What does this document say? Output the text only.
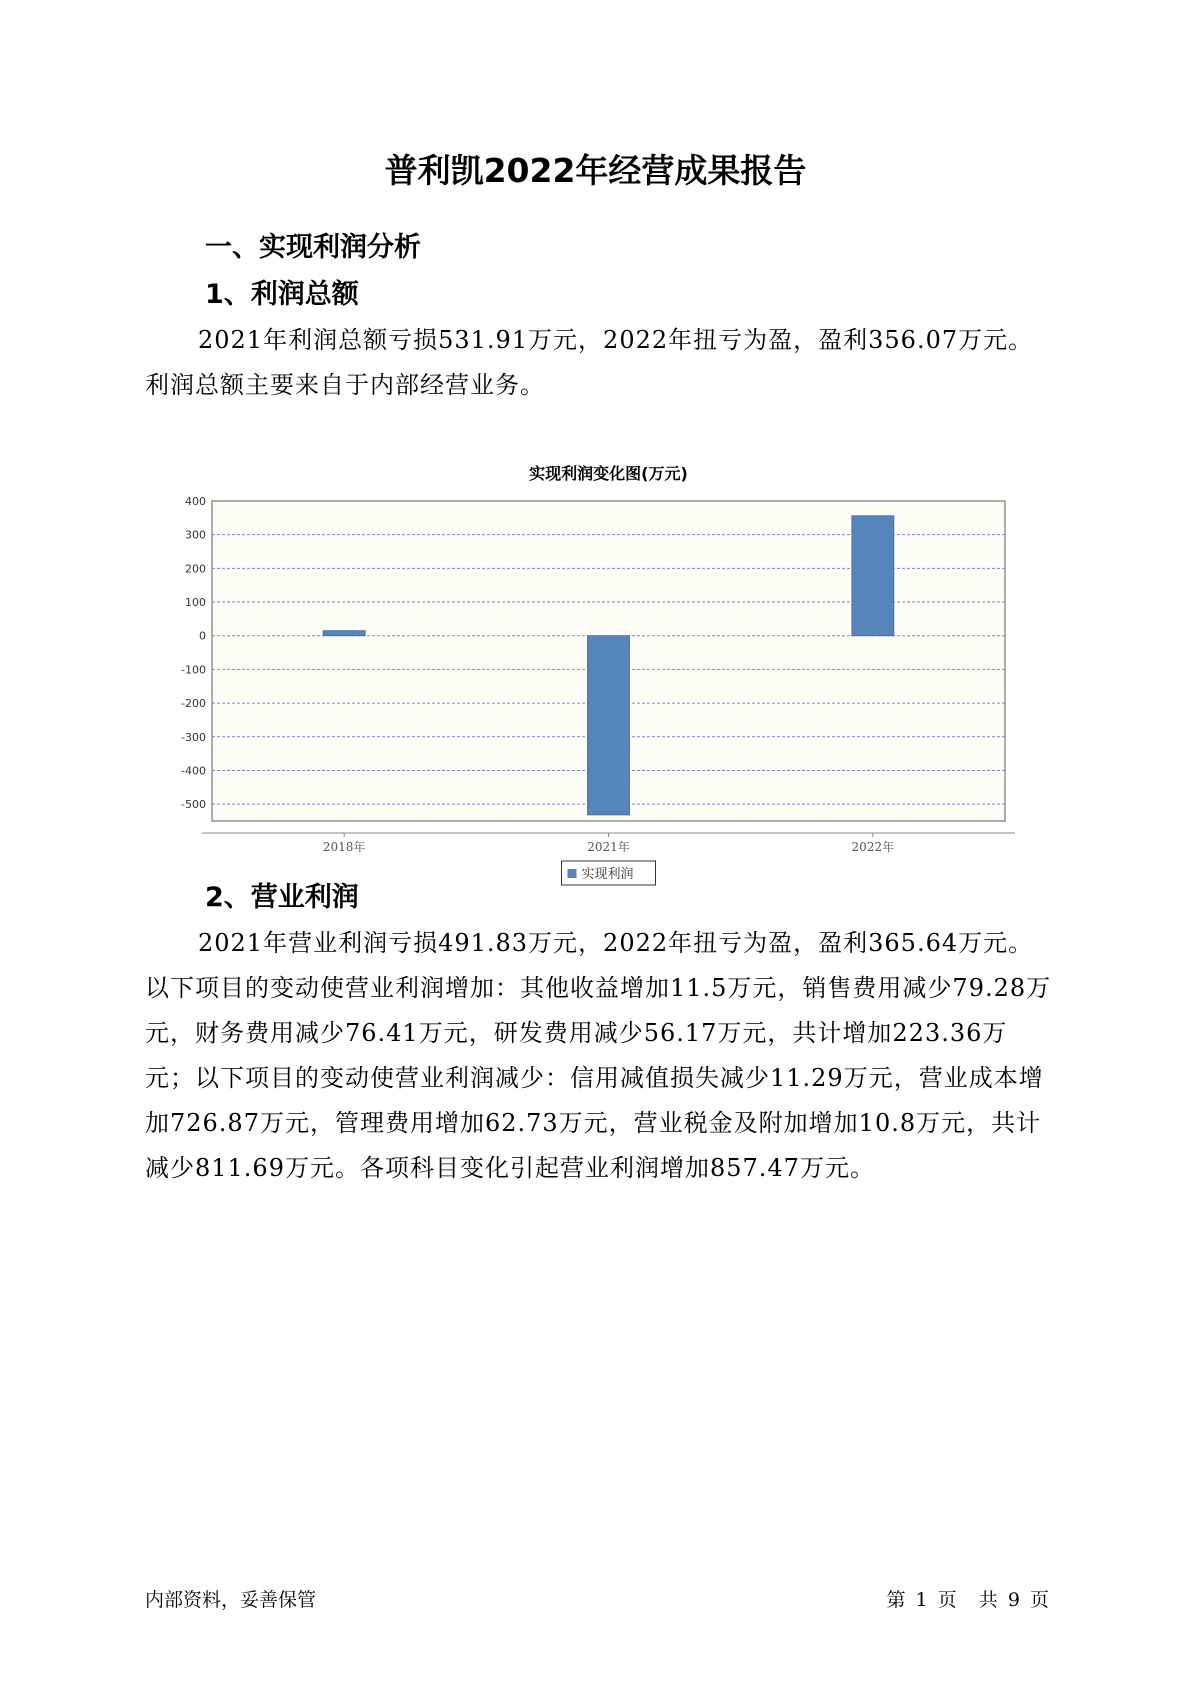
普利凯2022年经营成果报告
一、实现利润分析
1、利润总额

2021年利润总额亏损531.91万元，2022年扭亏为盈，盈利356.07万元。利润总额主要来自于内部经营业务。

实现利润变化图(万元)
400
300
200
100
0
-100
-200
-300
-400
-500
2018年	2021年	2022年
实现利润
2、营业利润

2021年营业利润亏损491.83万元，2022年扭亏为盈，盈利365.64万元。以下项目的变动使营业利润增加：其他收益增加11.5万元，销售费用减少79.28万元，财务费用减少76.41万元，研发费用减少56.17万元，共计增加223.36万元；以下项目的变动使营业利润减少：信用减值损失减少11.29万元，营业成本增加726.87万元，管理费用增加62.73万元，营业税金及附加增加10.8万元，共计减少811.69万元。各项科目变化引起营业利润增加857.47万元。

内部资料，妥善保管	第 1 页 共 9 页
